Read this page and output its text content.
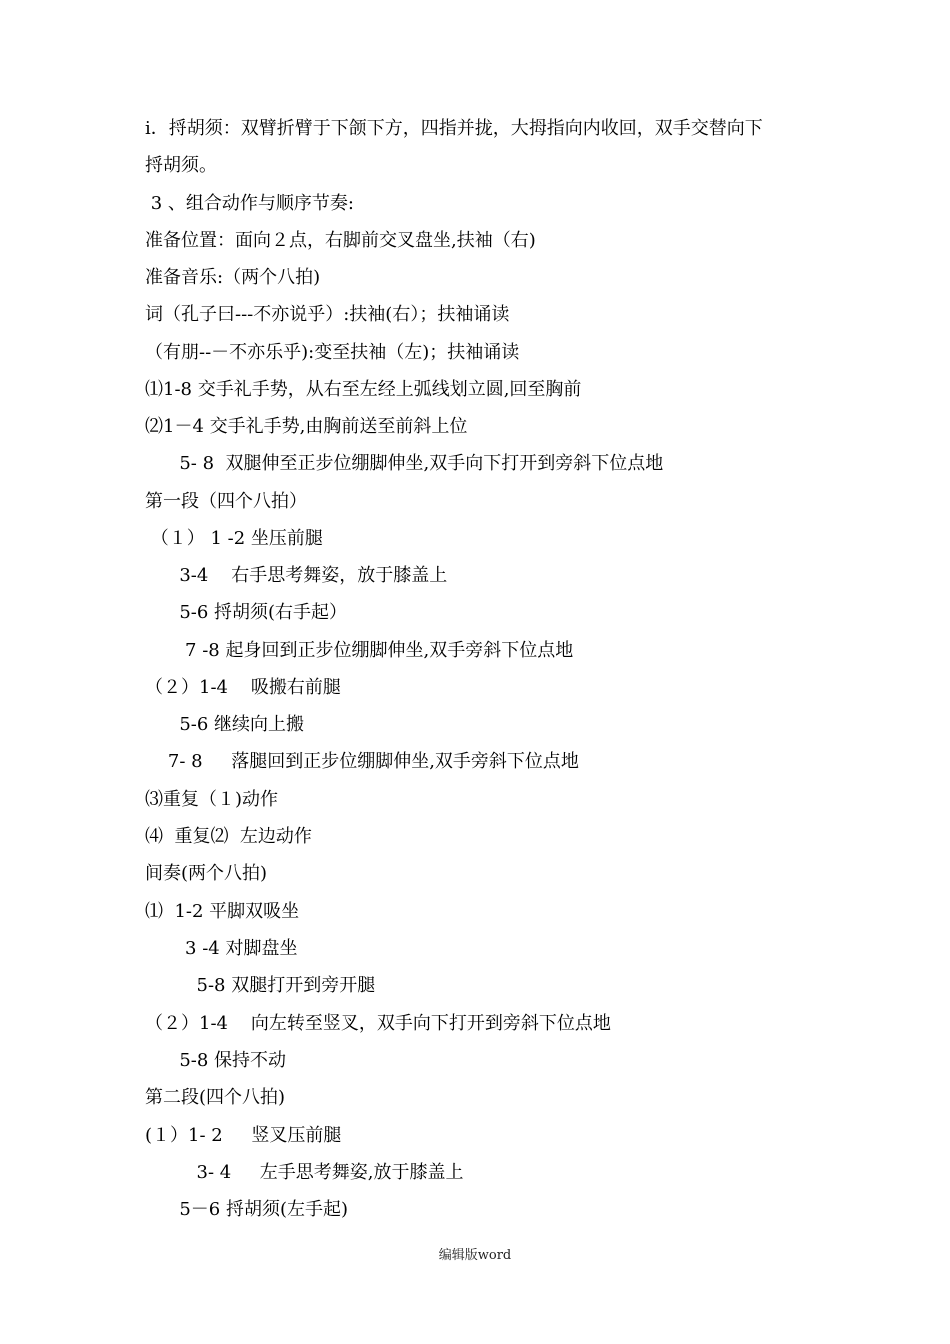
i．捋胡须：双臂折臂于下颌下方，四指并拢，大拇指向内收回，双手交替向下
捋胡须。
3 、组合动作与顺序节奏:
准备位置：面向２点，右脚前交叉盘坐,扶袖（右)
准备音乐:（两个八拍)
词（孔子曰---不亦说乎）:扶袖(右）；扶袖诵读
（有朋--－不亦乐乎):变至扶袖（左)；扶袖诵读
⑴1-8 交手礼手势，从右至左经上弧线划立圆,回至胸前
⑵1－4 交手礼手势,由胸前送至前斜上位
5- 8  双腿伸至正步位绷脚伸坐,双手向下打开到旁斜下位点地
第一段（四个八拍）
（１） 1 -2 坐压前腿
3-4    右手思考舞姿，放于膝盖上
5-6 捋胡须(右手起）
7 -8 起身回到正步位绷脚伸坐,双手旁斜下位点地
（２）1-4    吸搬右前腿
5-6 继续向上搬
7- 8     落腿回到正步位绷脚伸坐,双手旁斜下位点地
⑶重复（１)动作
⑷  重复⑵  左边动作
间奏(两个八拍)
⑴  1-2 平脚双吸坐
3 -4 对脚盘坐
5-8 双腿打开到旁开腿
（２）1-4    向左转至竖叉，双手向下打开到旁斜下位点地
5-8 保持不动
第二段(四个八拍)
(１）1- 2     竖叉压前腿
3- 4     左手思考舞姿,放于膝盖上
5－6 捋胡须(左手起)
编辑版word
